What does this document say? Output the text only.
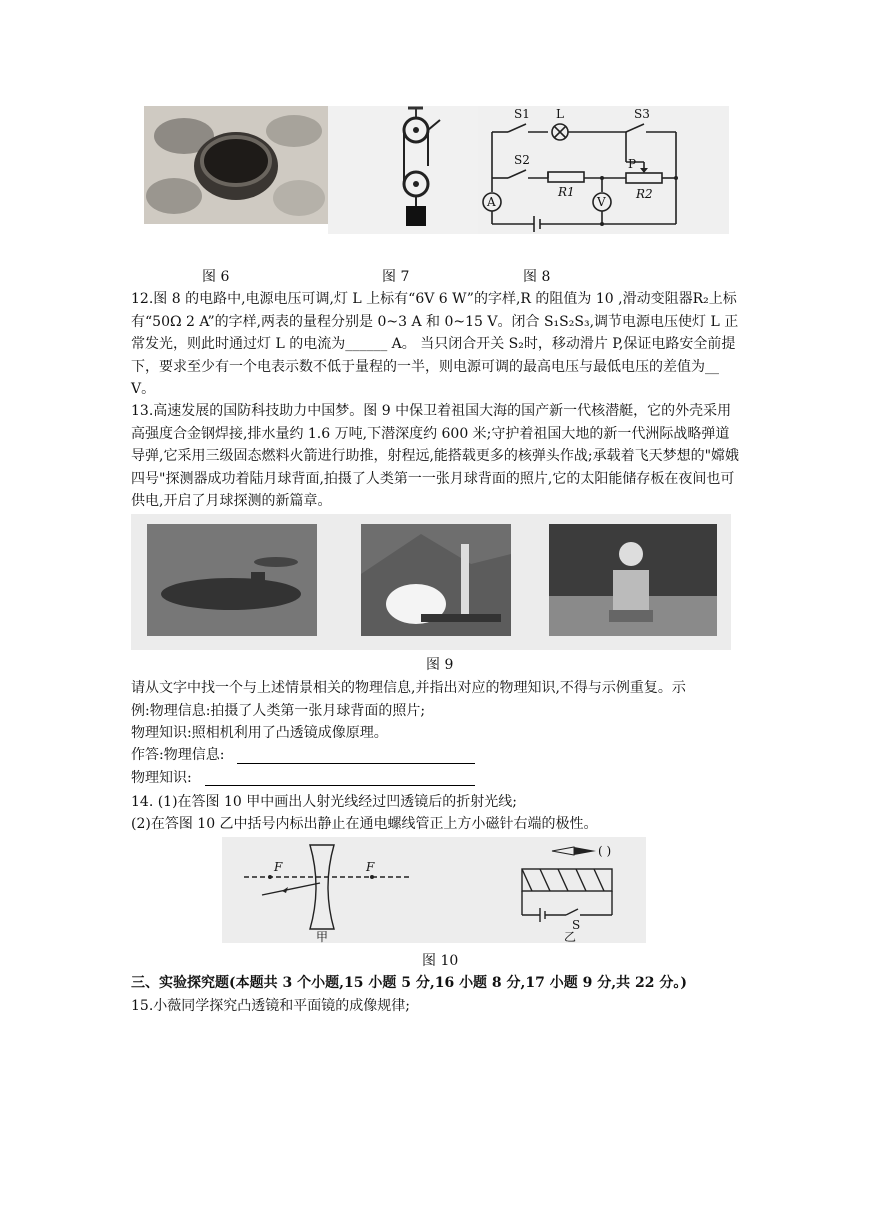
S1 L	S3
S2	P
R1	R2
A	V
图 6	图 7	图 8
12.图 8 的电路中,电源电压可调,灯 L 上标有“6V 6 W”的字样,R 的阻值为 10 ,滑动变阻器R₂上标有“50Ω 2 A”的字样,两表的量程分别是 0~3 A 和 0~15 V。闭合 S₁S₂S₃,调节电源电压使灯 L 正常发光，则此时通过灯 L 的电流为______ A。 当只闭合开关 S₂时，移动滑片 P,保证电路安全前提下，要求至少有一个电表示数不低于量程的一半，则电源可调的最高电压与最低电压的差值为__ V。
13.高速发展的国防科技助力中国梦。图 9 中保卫着祖国大海的国产新一代核潜艇，它的外壳采用高强度合金钢焊接,排水量约 1.6 万吨,下潜深度约 600 米;守护着祖国大地的新一代洲际战略弹道导弹,它采用三级固态燃料火箭进行助推，射程远,能搭载更多的核弹头作战;承载着飞天梦想的"嫦娥四号"探测器成功着陆月球背面,拍摄了人类第一一张月球背面的照片,它的太阳能储存板在夜间也可供电,开启了月球探测的新篇章。
图 9
请从文字中找一个与上述情景相关的物理信息,并指出对应的物理知识,不得与示例重复。示
例:物理信息:拍摄了人类第一张月球背面的照片;
物理知识:照相机利用了凸透镜成像原理。
作答:物理信息:
物理知识:
14. (1)在答图 10 甲中画出人射光线经过凹透镜后的折射光线;
(2)在答图 10 乙中括号内标出静止在通电螺线管正上方小磁针右端的极性。
F	F
甲
( )
S
乙
图 10
三、实验探究题(本题共 3 个小题,15 小题 5 分,16 小题 8 分,17 小题 9 分,共 22 分。)
15.小薇同学探究凸透镜和平面镜的成像规律;
